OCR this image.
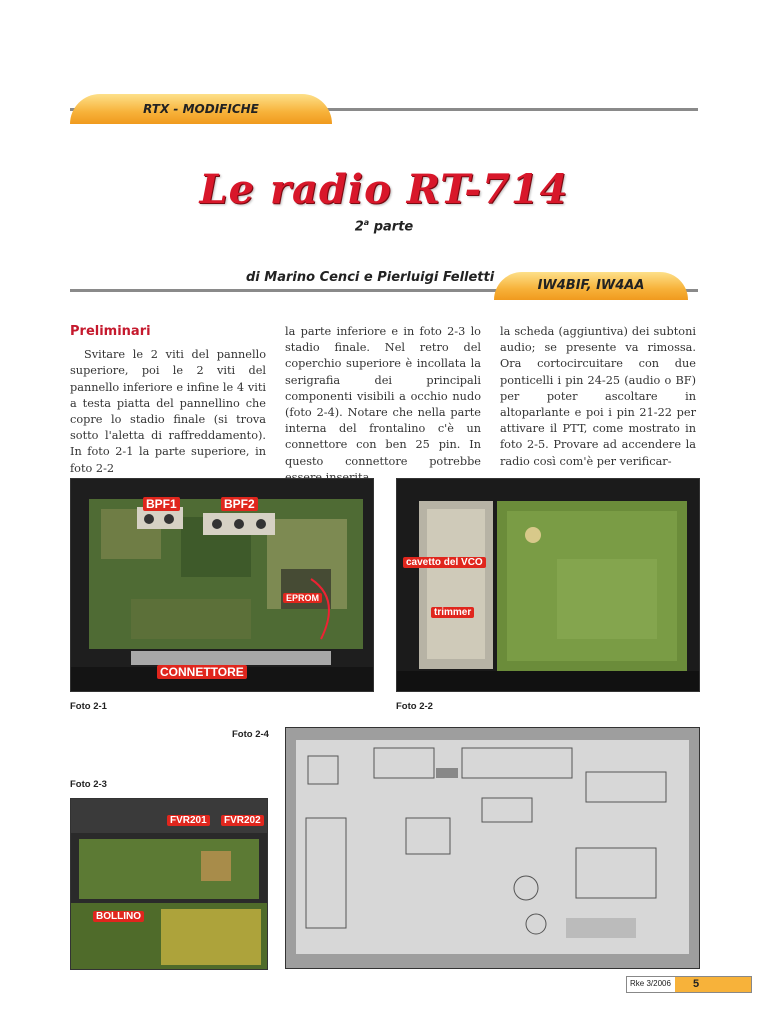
RTX - MODIFICHE
Le radio RT-714
2$^a$ parte
di Marino Cenci e Pierluigi Felletti
IW4BIF, IW4AA
Preliminari

Svitare le 2 viti del pannello superiore, poi le 2 viti del pannello inferiore e infine le 4 viti a testa piatta del pannellino che copre lo stadio finale (si trova sotto l'aletta di raffreddamento). In foto 2-1 la parte superiore, in foto 2-2

la parte inferiore e in foto 2-3 lo stadio finale. Nel retro del coperchio superiore è incollata la serigrafia dei principali componenti visibili a occhio nudo (foto 2-4). Notare che nella parte interna del frontalino c'è un connettore con ben 25 pin. In questo connettore potrebbe

la scheda (aggiuntiva) dei subtoni audio; se presente va rimossa. Ora cortocircuitare con due ponticelli i pin 24-25 (audio o BF) per poter ascoltare in altoparlante e poi i pin 21-22 per attivare il PTT, come mostrato in foto 2-5. Provare ad accendere la radio così com'è per verificar-

BPF1	BPF2
EPROM
CONNETTORE
Foto 2-1
cavetto del VCO
trimmer
Foto 2-2
Foto 2-3
FVR201	FVR202
BOLLINO
Foto 2-4
Rke 3/2006 5
